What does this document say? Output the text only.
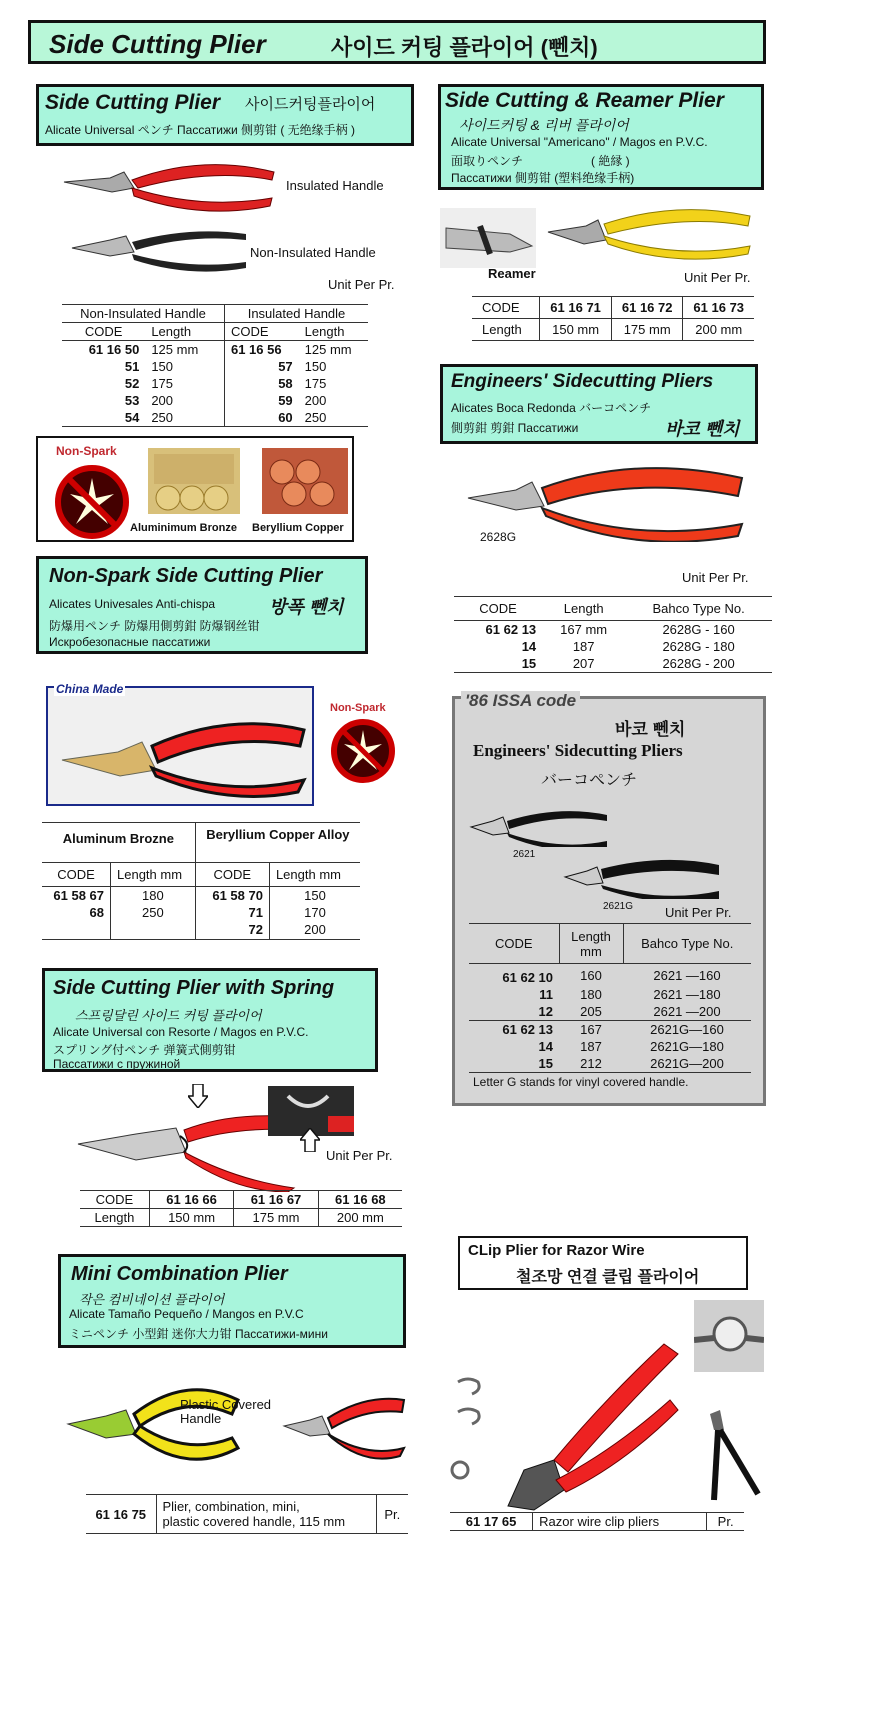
Side Cutting Plier	사이드 커팅 플라이어 (뻰치)
Side Cutting Plier 사이드커팅플라이어
Alicate Universal ペンチ Пассатижи 侧剪钳 ( 无绝缘手柄 )
Insulated Handle
Non-Insulated Handle
Unit Per Pr.
Non-Insulated Handle		Insulated Handle	
CODE	Length	CODE	Length
61 16 50	125 mm	61 16 56	125 mm
51	150	57	150
52	175	58	175
53	200	59	200
54	250	60	250
Side Cutting & Reamer Plier
사이드커팅 & 리버 플라이어
Alicate Universal "Americano" / Magos en P.V.C.
面取りペンチ	( 絶縁 )
Пассатижи 側剪钳 (塑料绝缘手柄)
Reamer	Unit Per Pr.
CODE	61 16 71	61 16 72	61 16 73
Length	150 mm	175 mm	200 mm
Engineers' Sidecutting Pliers
Alicates Boca Redonda バーコペンチ
側剪鉗 剪鉗 Пассатижи	바코 뻰치
2628G
Unit Per Pr.
CODE	Length	Bahco Type No.
61 62 13	167 mm	2628G - 160
14	187	2628G - 180
15	207	2628G - 200
Non-Spark
Aluminimum Bronze Beryllium Copper
Non-Spark Side Cutting Plier
Alicates Univesales Anti-chispa	방폭 뻰치
防爆用ペンチ 防爆用側剪鉗 防爆钢丝钳
Искробезопасные пассатижи
China Made
Non-Spark
Aluminum Brozne		Beryllium Copper Alloy	
CODE	Length mm	CODE	Length mm
61 58 67	180	61 58 70	150
68	250	71	170
		72	200
'86 ISSA code
바코 뻰치
Engineers' Sidecutting Pliers
バーコペンチ
2621
2621G Unit Per Pr.
CODE	Length mm	Bahco Type No.
61 62 10	160	2621 —160
11	180	2621 —180
12	205	2621 —200
61 62 13	167	2621G—160
14	187	2621G—180
15	212	2621G—200
Letter G stands for vinyl covered handle.
Side Cutting Plier with Spring
스프링달린 사이드 커팅 플라이어
Alicate Universal con Resorte / Magos en P.V.C.
スプリング付ペンチ 弹簧式側剪钳
Пассатижи с пружиной
Unit Per Pr.
CODE	61 16 66	61 16 67	61 16 68
Length	150 mm	175 mm	200 mm
Mini Combination Plier
작은 컴비네이션 플라이어
Alicate Tamaño Pequeño / Mangos en P.V.C
ミニペンチ 小型鉗 迷你大力钳 Пассатижи-мини
Plastic Covered Handle
61 16 75	Plier, combination, mini,
plastic covered handle, 115 mm	Pr.
CLip Plier for Razor Wire
철조망 연결 클립 플라이어
61 17 65	Razor wire clip pliers	Pr.
